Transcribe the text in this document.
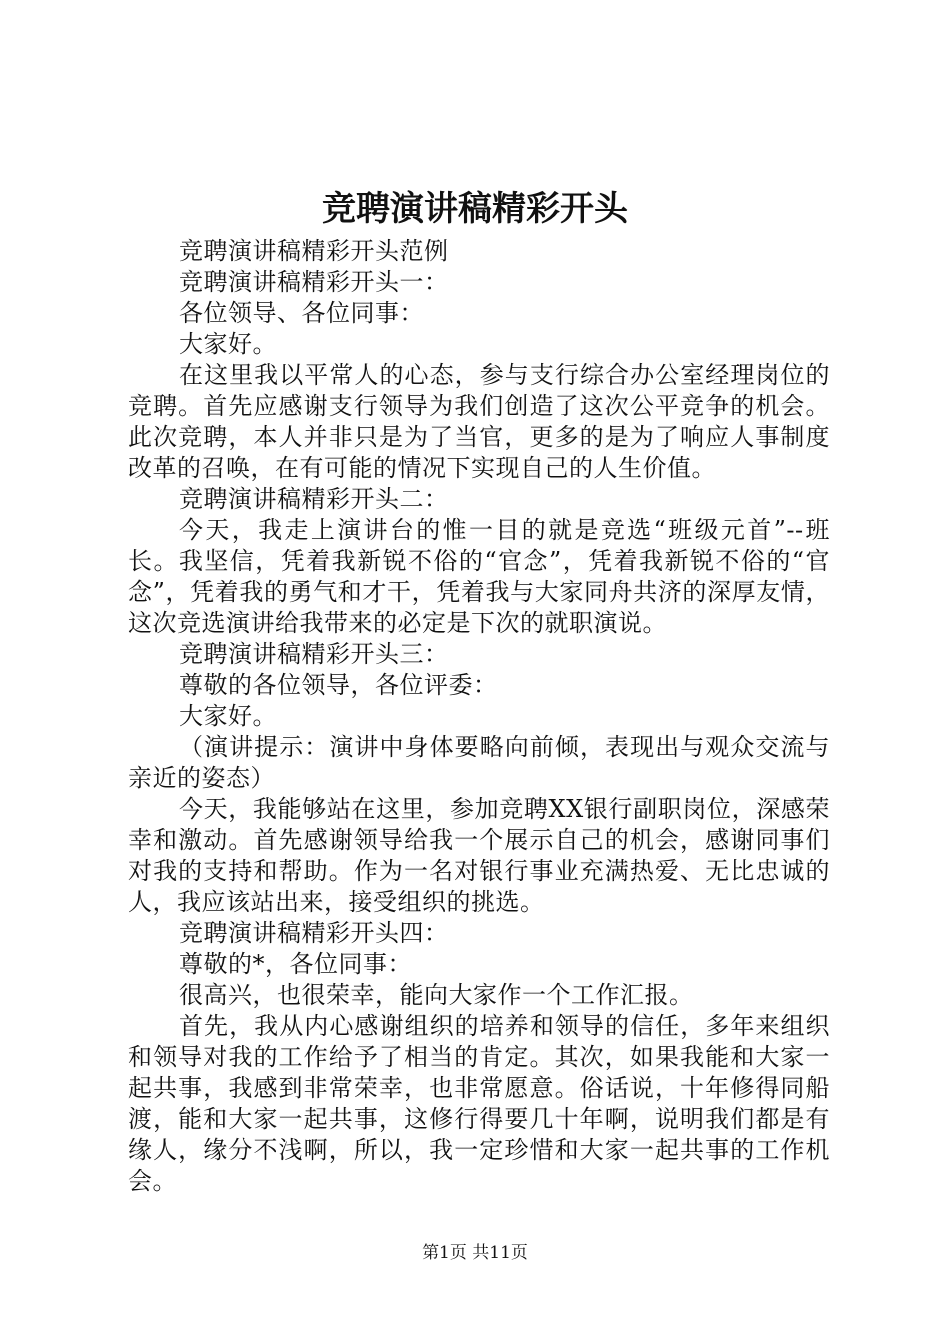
竞聘演讲稿精彩开头

竞聘演讲稿精彩开头范例

竞聘演讲稿精彩开头一：

各位领导、各位同事：

大家好。

在这里我以平常人的心态，参与支行综合办公室经理岗位的竞聘。首先应感谢支行领导为我们创造了这次公平竞争的机会。此次竞聘，本人并非只是为了当官，更多的是为了响应人事制度改革的召唤，在有可能的情况下实现自己的人生价值。

竞聘演讲稿精彩开头二：

今天，我走上演讲台的惟一目的就是竞选“班级元首”--班长。我坚信，凭着我新锐不俗的“官念”，凭着我新锐不俗的“官念”，凭着我的勇气和才干，凭着我与大家同舟共济的深厚友情，这次竞选演讲给我带来的必定是下次的就职演说。

竞聘演讲稿精彩开头三：

尊敬的各位领导，各位评委：

大家好。

（演讲提示：演讲中身体要略向前倾，表现出与观众交流与亲近的姿态）

今天，我能够站在这里，参加竞聘XX银行副职岗位，深感荣幸和激动。首先感谢领导给我一个展示自己的机会，感谢同事们对我的支持和帮助。作为一名对银行事业充满热爱、无比忠诚的人，我应该站出来，接受组织的挑选。

竞聘演讲稿精彩开头四：

尊敬的*，各位同事：

很高兴，也很荣幸，能向大家作一个工作汇报。

首先，我从内心感谢组织的培养和领导的信任，多年来组织和领导对我的工作给予了相当的肯定。其次，如果我能和大家一起共事，我感到非常荣幸，也非常愿意。俗话说，十年修得同船渡，能和大家一起共事，这修行得要几十年啊，说明我们都是有缘人，缘分不浅啊，所以，我一定珍惜和大家一起共事的工作机会。

第1页 共11页
